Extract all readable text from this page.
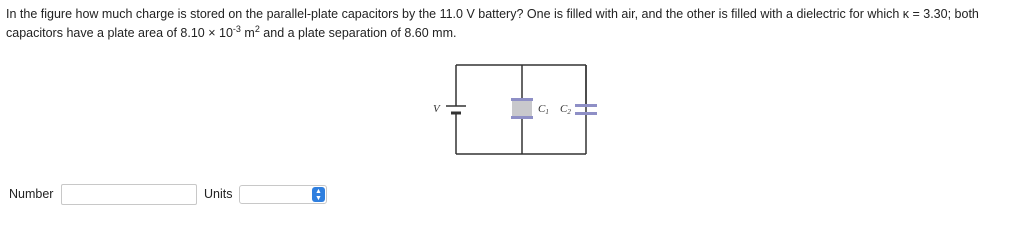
In the figure how much charge is stored on the parallel-plate capacitors by the 11.0 V battery? One is filled with air, and the other is filled with a dielectric for which κ = 3.30; both capacitors have a plate area of $8.10 \times 10^{-3}$ $m^2$ and a plate separation of 8.60 mm.

V	C1 C2
Number	Units	▲
▼
